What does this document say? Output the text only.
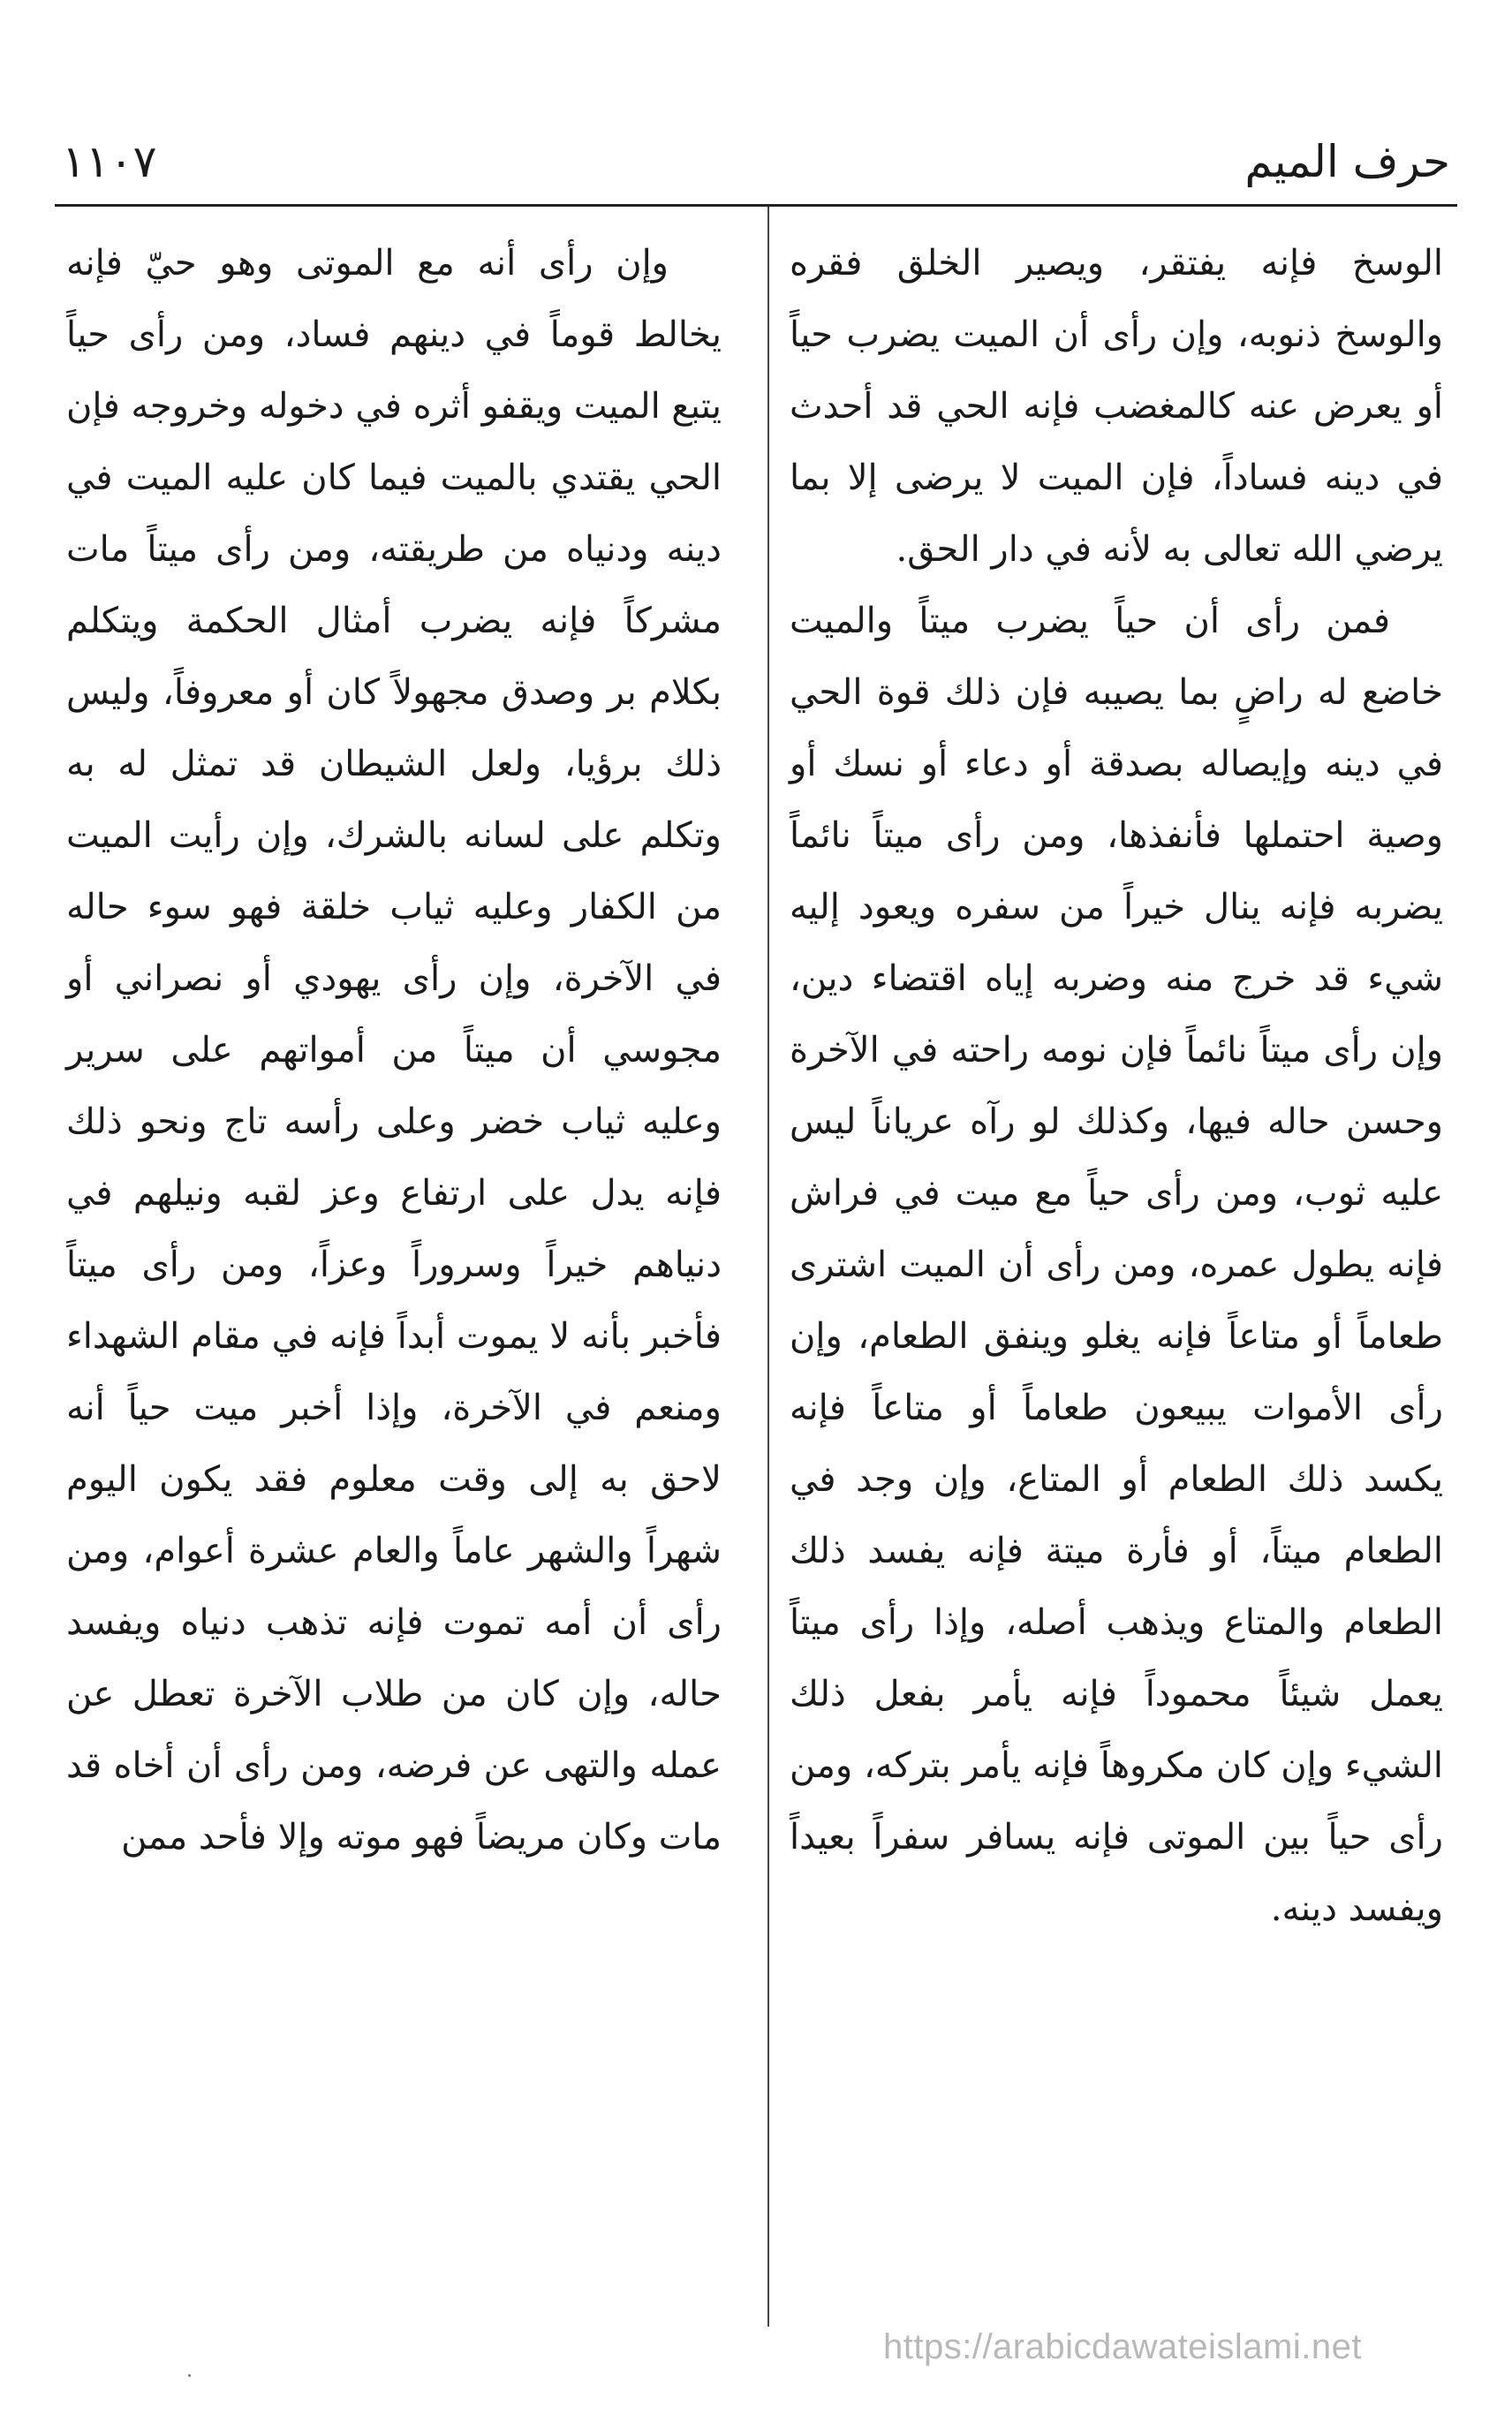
حرف الميم
١١٠٧

الوسخ فإنه يفتقر، ويصير الخلق فقره والوسخ ذنوبه، وإن رأى أن الميت يضرب حياً أو يعرض عنه كالمغضب فإنه الحي قد أحدث في دينه فساداً، فإن الميت لا يرضى إلا بما يرضي الله تعالى به لأنه في دار الحق.

فمن رأى أن حياً يضرب ميتاً والميت خاضع له راضٍ بما يصيبه فإن ذلك قوة الحي في دينه وإيصاله بصدقة أو دعاء أو نسك أو وصية احتملها فأنفذها، ومن رأى ميتاً نائماً يضربه فإنه ينال خيراً من سفره ويعود إليه شيء قد خرج منه وضربه إياه اقتضاء دين، وإن رأى ميتاً نائماً فإن نومه راحته في الآخرة وحسن حاله فيها، وكذلك لو رآه عرياناً ليس عليه ثوب، ومن رأى حياً مع ميت في فراش فإنه يطول عمره، ومن رأى أن الميت اشترى طعاماً أو متاعاً فإنه يغلو وينفق الطعام، وإن رأى الأموات يبيعون طعاماً أو متاعاً فإنه يكسد ذلك الطعام أو المتاع، وإن وجد في الطعام ميتاً، أو فأرة ميتة فإنه يفسد ذلك الطعام والمتاع ويذهب أصله، وإذا رأى ميتاً يعمل شيئاً محموداً فإنه يأمر بفعل ذلك الشيء وإن كان مكروهاً فإنه يأمر بتركه، ومن رأى حياً بين الموتى فإنه يسافر سفراً بعيداً ويفسد دينه.

وإن رأى أنه مع الموتى وهو حيّ فإنه يخالط قوماً في دينهم فساد، ومن رأى حياً يتبع الميت ويقفو أثره في دخوله وخروجه فإن الحي يقتدي بالميت فيما كان عليه الميت في دينه ودنياه من طريقته، ومن رأى ميتاً مات مشركاً فإنه يضرب أمثال الحكمة ويتكلم بكلام بر وصدق مجهولاً كان أو معروفاً، وليس ذلك برؤيا، ولعل الشيطان قد تمثل له به وتكلم على لسانه بالشرك، وإن رأيت الميت من الكفار وعليه ثياب خلقة فهو سوء حاله في الآخرة، وإن رأى يهودي أو نصراني أو مجوسي أن ميتاً من أمواتهم على سرير وعليه ثياب خضر وعلى رأسه تاج ونحو ذلك فإنه يدل على ارتفاع وعز لقبه ونيلهم في دنياهم خيراً وسروراً وعزاً، ومن رأى ميتاً فأخبر بأنه لا يموت أبداً فإنه في مقام الشهداء ومنعم في الآخرة، وإذا أخبر ميت حياً أنه لاحق به إلى وقت معلوم فقد يكون اليوم شهراً والشهر عاماً والعام عشرة أعوام، ومن رأى أن أمه تموت فإنه تذهب دنياه ويفسد حاله، وإن كان من طلاب الآخرة تعطل عن عمله والتهى عن فرضه، ومن رأى أن أخاه قد مات وكان مريضاً فهو موته وإلا فأحد ممن

https://arabicdawateislami.net
